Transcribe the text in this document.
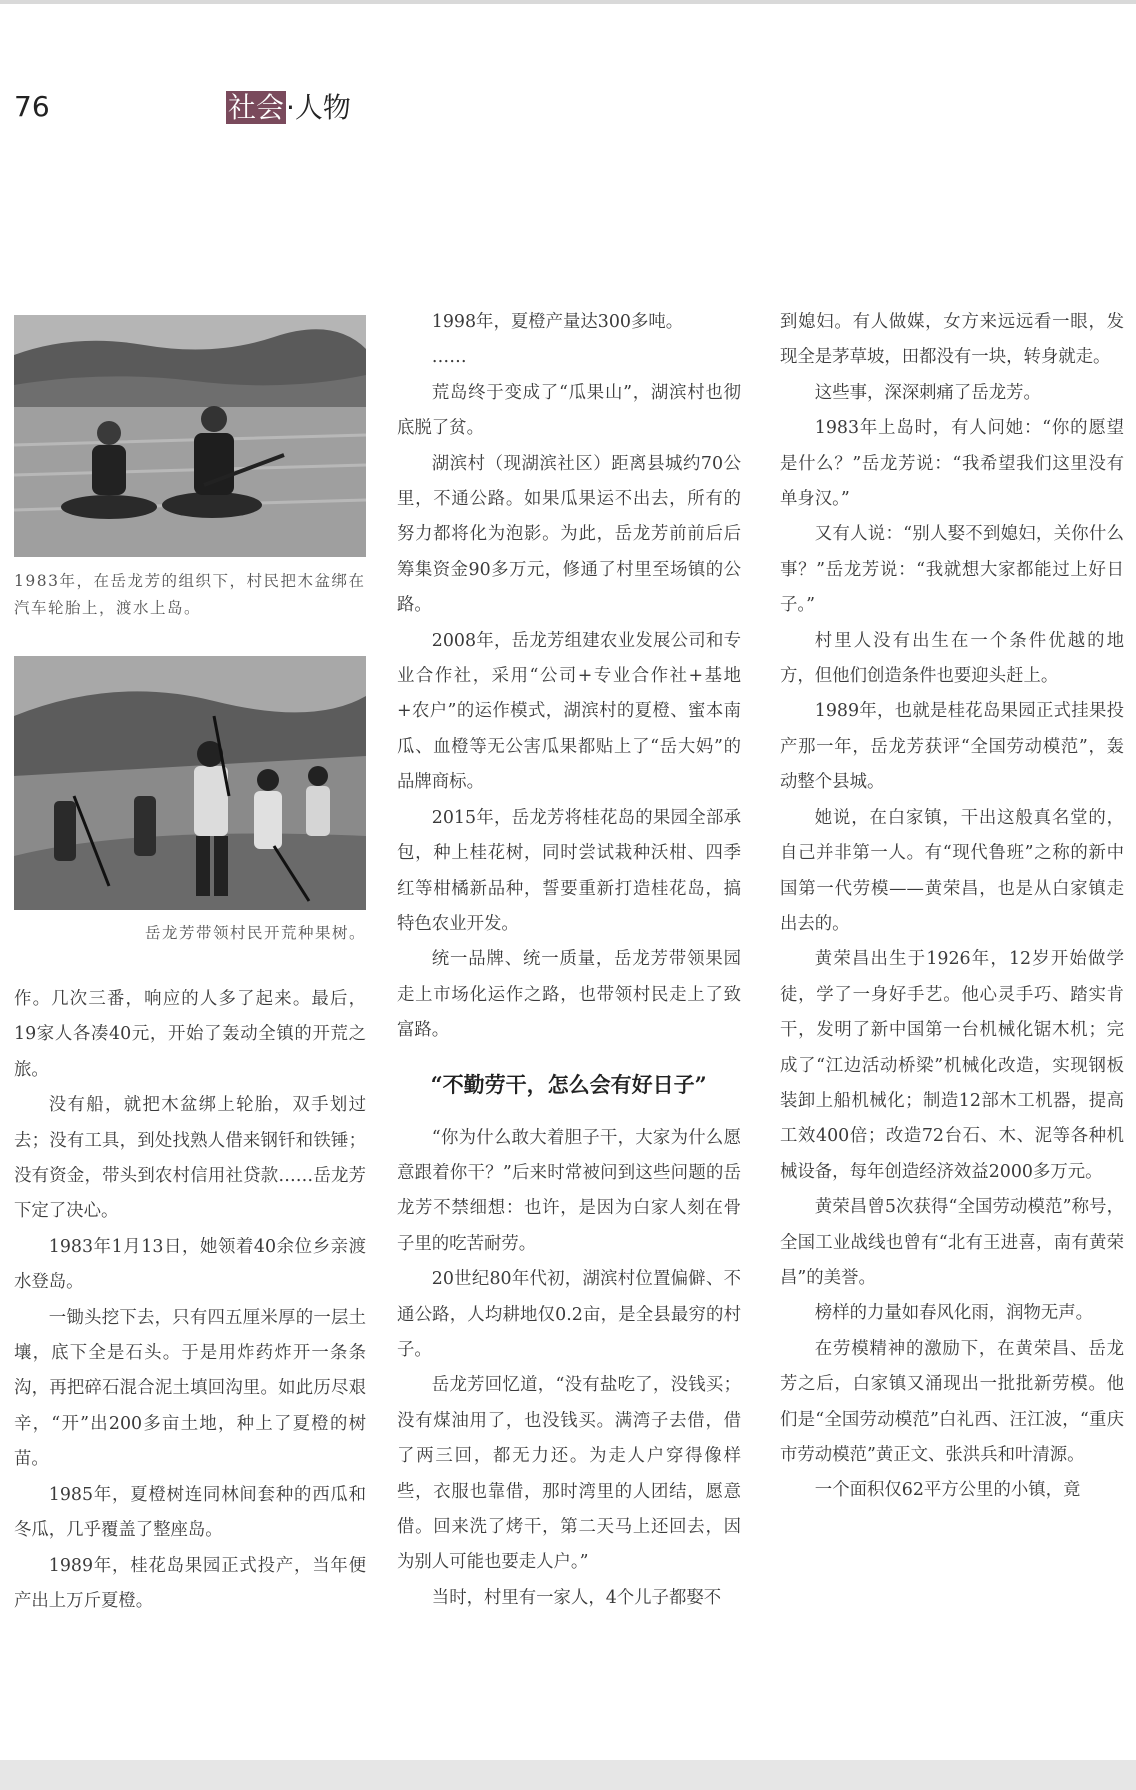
76	社会·人物
1983年，在岳龙芳的组织下，村民把木盆绑在汽车轮胎上，渡水上岛。
岳龙芳带领村民开荒种果树。

作。几次三番，响应的人多了起来。最后，19家人各凑40元，开始了轰动全镇的开荒之旅。

没有船，就把木盆绑上轮胎，双手划过去；没有工具，到处找熟人借来钢钎和铁锤；没有资金，带头到农村信用社贷款……岳龙芳下定了决心。

1983年1月13日，她领着40余位乡亲渡水登岛。

一锄头挖下去，只有四五厘米厚的一层土壤，底下全是石头。于是用炸药炸开一条条沟，再把碎石混合泥土填回沟里。如此历尽艰辛，“开”出200多亩土地，种上了夏橙的树苗。

1985年，夏橙树连同林间套种的西瓜和冬瓜，几乎覆盖了整座岛。

1989年，桂花岛果园正式投产，当年便产出上万斤夏橙。

1998年，夏橙产量达300多吨。

……

荒岛终于变成了“瓜果山”，湖滨村也彻底脱了贫。

湖滨村（现湖滨社区）距离县城约70公里，不通公路。如果瓜果运不出去，所有的努力都将化为泡影。为此，岳龙芳前前后后筹集资金90多万元，修通了村里至场镇的公路。

2008年，岳龙芳组建农业发展公司和专业合作社，采用“公司+专业合作社+基地+农户”的运作模式，湖滨村的夏橙、蜜本南瓜、血橙等无公害瓜果都贴上了“岳大妈”的品牌商标。

2015年，岳龙芳将桂花岛的果园全部承包，种上桂花树，同时尝试栽种沃柑、四季红等柑橘新品种，誓要重新打造桂花岛，搞特色农业开发。

统一品牌、统一质量，岳龙芳带领果园走上市场化运作之路，也带领村民走上了致富路。

“不勤劳干，怎么会有好日子”

“你为什么敢大着胆子干，大家为什么愿意跟着你干？”后来时常被问到这些问题的岳龙芳不禁细想：也许，是因为白家人刻在骨子里的吃苦耐劳。

20世纪80年代初，湖滨村位置偏僻、不通公路，人均耕地仅0.2亩，是全县最穷的村子。

岳龙芳回忆道，“没有盐吃了，没钱买；没有煤油用了，也没钱买。满湾子去借，借了两三回，都无力还。为走人户穿得像样些，衣服也靠借，那时湾里的人团结，愿意借。回来洗了烤干，第二天马上还回去，因为别人可能也要走人户。”

当时，村里有一家人，4个儿子都娶不

到媳妇。有人做媒，女方来远远看一眼，发现全是茅草坡，田都没有一块，转身就走。

这些事，深深刺痛了岳龙芳。

1983年上岛时，有人问她：“你的愿望是什么？”岳龙芳说：“我希望我们这里没有单身汉。”

又有人说：“别人娶不到媳妇，关你什么事？”岳龙芳说：“我就想大家都能过上好日子。”

村里人没有出生在一个条件优越的地方，但他们创造条件也要迎头赶上。

1989年，也就是桂花岛果园正式挂果投产那一年，岳龙芳获评“全国劳动模范”，轰动整个县城。

她说，在白家镇，干出这般真名堂的，自己并非第一人。有“现代鲁班”之称的新中国第一代劳模——黄荣昌，也是从白家镇走出去的。

黄荣昌出生于1926年，12岁开始做学徒，学了一身好手艺。他心灵手巧、踏实肯干，发明了新中国第一台机械化锯木机；完成了“江边活动桥梁”机械化改造，实现钢板装卸上船机械化；制造12部木工机器，提高工效400倍；改造72台石、木、泥等各种机械设备，每年创造经济效益2000多万元。

黄荣昌曾5次获得“全国劳动模范”称号，全国工业战线也曾有“北有王进喜，南有黄荣昌”的美誉。

榜样的力量如春风化雨，润物无声。

在劳模精神的激励下，在黄荣昌、岳龙芳之后，白家镇又涌现出一批批新劳模。他们是“全国劳动模范”白礼西、汪江波，“重庆市劳动模范”黄正文、张洪兵和叶清源。

一个面积仅62平方公里的小镇，竟
